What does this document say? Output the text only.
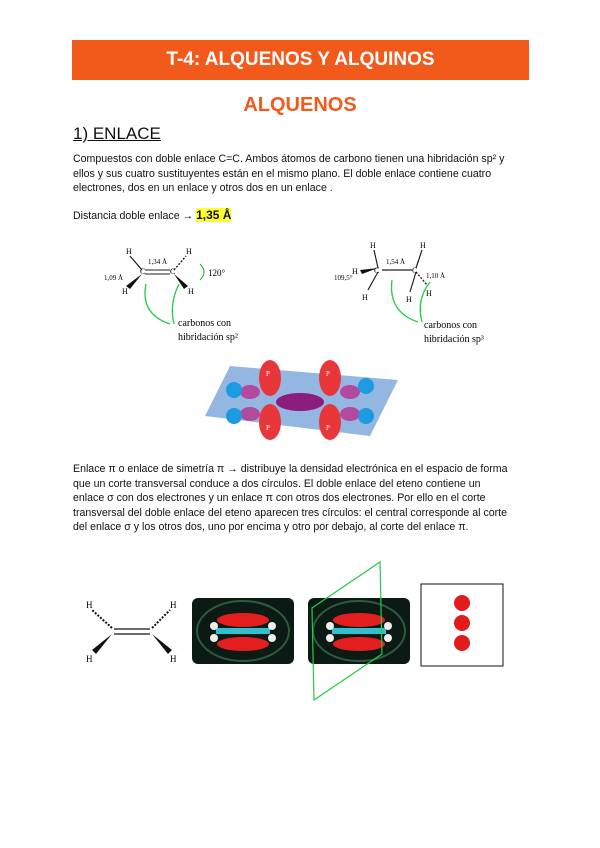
T-4: ALQUENOS Y ALQUINOS
ALQUENOS
1) ENLACE
Compuestos con doble enlace C=C. Ambos átomos de carbono tienen una hibridación sp² y
ellos y sus cuatro sustituyentes están en el mismo plano. El doble enlace contiene cuatro
electrones, dos en un enlace y otros dos en un enlace .
Distancia doble enlace → 1,35 Å
H
H
H
H
C	C
1,34 Å
1,09 Å	120°
carbonos con
hibridación sp²
H
H
H
H
H
H
C	C
1,54 Å
1,10 Å
109,5°
carbonos con
hibridación sp³
P
P
P
P
Enlace π o enlace de simetría π → distribuye la densidad electrónica en el espacio de forma
que un corte transversal conduce a dos círculos. El doble enlace del eteno contiene un
enlace σ con dos electrones y un enlace π con otros dos electrones. Por ello en el corte
transversal del doble enlace del eteno aparecen tres círculos: el central corresponde al corte
del enlace σ y los otros dos, uno por encima y otro por debajo, al corte del enlace π.
H
H
H
H
